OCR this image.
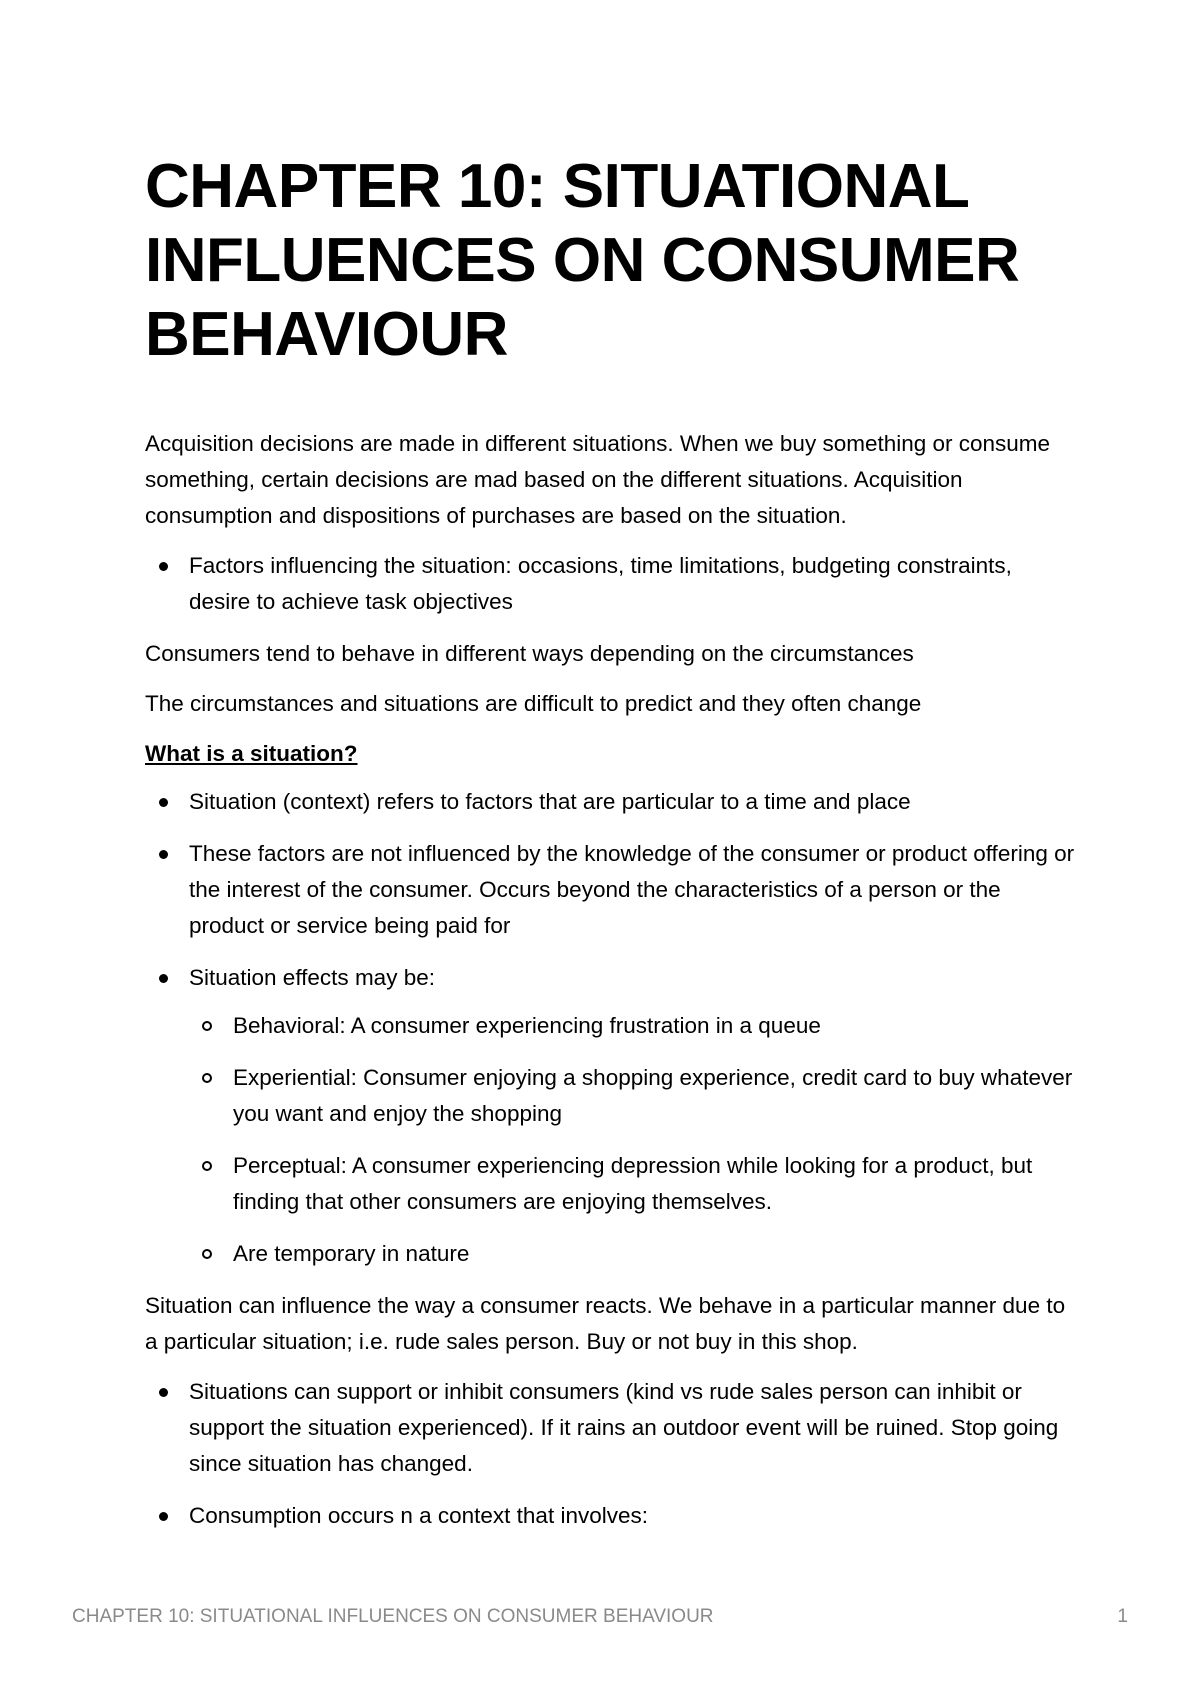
CHAPTER 10: SITUATIONAL INFLUENCES ON CONSUMER BEHAVIOUR

Acquisition decisions are made in different situations. When we buy something or consume something, certain decisions are mad based on the different situations. Acquisition consumption and dispositions of purchases are based on the situation.

Factors influencing the situation: occasions, time limitations, budgeting constraints, desire to achieve task objectives

Consumers tend to behave in different ways depending on the circumstances

The circumstances and situations are difficult to predict and they often change

What is a situation?

Situation (context) refers to factors that are particular to a time and place
These factors are not influenced by the knowledge of the consumer or product offering or the interest of the consumer. Occurs beyond the characteristics of a person or the product or service being paid for
Situation effects may be:
Behavioral: A consumer experiencing frustration in a queue
Experiential: Consumer enjoying a shopping experience, credit card to buy whatever you want and enjoy the shopping
Perceptual: A consumer experiencing depression while looking for a product, but finding that other consumers are enjoying themselves.
Are temporary in nature

Situation can influence the way a consumer reacts. We behave in a particular manner due to a particular situation; i.e. rude sales person. Buy or not buy in this shop.

Situations can support or inhibit consumers (kind vs rude sales person can inhibit or support the situation experienced). If it rains an outdoor event will be ruined. Stop going since situation has changed.
Consumption occurs n a context that involves:
CHAPTER 10: SITUATIONAL INFLUENCES ON CONSUMER BEHAVIOUR	1
